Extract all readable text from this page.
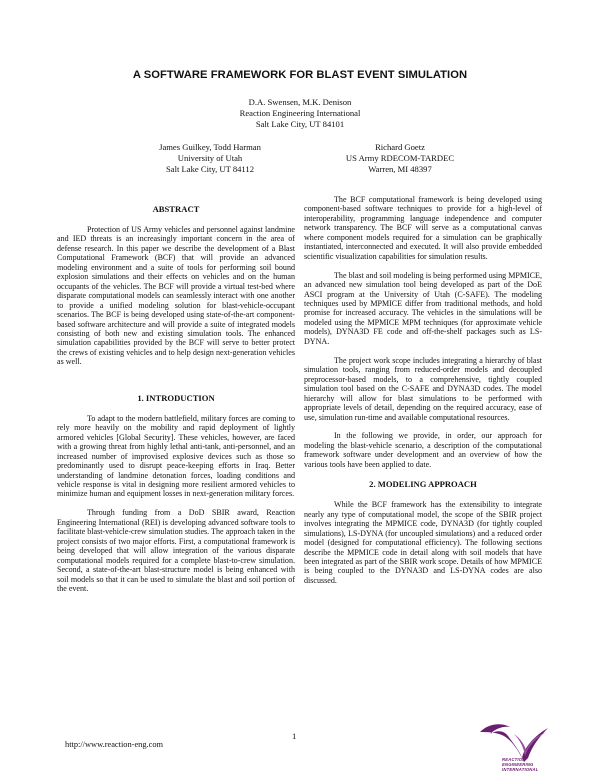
A SOFTWARE FRAMEWORK FOR BLAST EVENT SIMULATION
D.A. Swensen, M.K. Denison
Reaction Engineering International
Salt Lake City, UT 84101
James Guilkey, Todd Harman
University of Utah
Salt Lake City, UT 84112
Richard Goetz
US Army RDECOM-TARDEC
Warren, MI 48397
ABSTRACT

Protection of US Army vehicles and personnel against landmine and IED threats is an increasingly important concern in the area of defense research. In this paper we describe the development of a Blast Computational Framework (BCF) that will provide an advanced modeling environment and a suite of tools for performing soil bound explosion simulations and their effects on vehicles and on the human occupants of the vehicles. The BCF will provide a virtual test-bed where disparate computational models can seamlessly interact with one another to provide a unified modeling solution for blast-vehicle-occupant scenarios. The BCF is being developed using state-of-the-art component-based software architecture and will provide a suite of integrated models consisting of both new and existing simulation tools. The enhanced simulation capabilities provided by the BCF will serve to better protect the crews of existing vehicles and to help design next-generation vehicles as well.

1. INTRODUCTION

To adapt to the modern battlefield, military forces are coming to rely more heavily on the mobility and rapid deployment of lightly armored vehicles [Global Security]. These vehicles, however, are faced with a growing threat from highly lethal anti-tank, anti-personnel, and an increased number of improvised explosive devices such as those so predominantly used to disrupt peace-keeping efforts in Iraq. Better understanding of landmine detonation forces, loading conditions and vehicle response is vital in designing more resilient armored vehicles to minimize human and equipment losses in next-generation military forces.

Through funding from a DoD SBIR award, Reaction Engineering International (REI) is developing advanced software tools to facilitate blast-vehicle-crew simulation studies. The approach taken in the project consists of two major efforts. First, a computational framework is being developed that will allow integration of the various disparate computational models required for a complete blast-to-crew simulation. Second, a state-of-the-art blast-structure model is being enhanced with soil models so that it can be used to simulate the blast and soil portion of the event.

The BCF computational framework is being developed using component-based software techniques to provide for a high-level of interoperability, programming language independence and computer network transparency. The BCF will serve as a computational canvas where component models required for a simulation can be graphically instantiated, interconnected and executed. It will also provide embedded scientific visualization capabilities for simulation results.

The blast and soil modeling is being performed using MPMICE, an advanced new simulation tool being developed as part of the DoE ASCI program at the University of Utah (C-SAFE). The modeling techniques used by MPMICE differ from traditional methods, and hold promise for increased accuracy. The vehicles in the simulations will be modeled using the MPMICE MPM techniques (for approximate vehicle models), DYNA3D FE code and off-the-shelf packages such as LS-DYNA.

The project work scope includes integrating a hierarchy of blast simulation tools, ranging from reduced-order models and decoupled preprocessor-based models, to a comprehensive, tightly coupled simulation tool based on the C-SAFE and DYNA3D codes. The model hierarchy will allow for blast simulations to be performed with appropriate levels of detail, depending on the required accuracy, ease of use, simulation run-time and available computational resources.

In the following we provide, in order, our approach for modeling the blast-vehicle scenario, a description of the computational framework software under development and an overview of how the various tools have been applied to date.

2. MODELING APPROACH

While the BCF framework has the extensibility to integrate nearly any type of computational model, the scope of the SBIR project involves integrating the MPMICE code, DYNA3D (for tightly coupled simulations), LS-DYNA (for uncoupled simulations) and a reduced order model (designed for computational efficiency). The following sections describe the MPMICE code in detail along with soil models that have been integrated as part of the SBIR work scope. Details of how MPMICE is being coupled to the DYNA3D and LS-DYNA codes are also discussed.

http://www.reaction-eng.com
1
REACTION
ENGINEERING
INTERNATIONAL
